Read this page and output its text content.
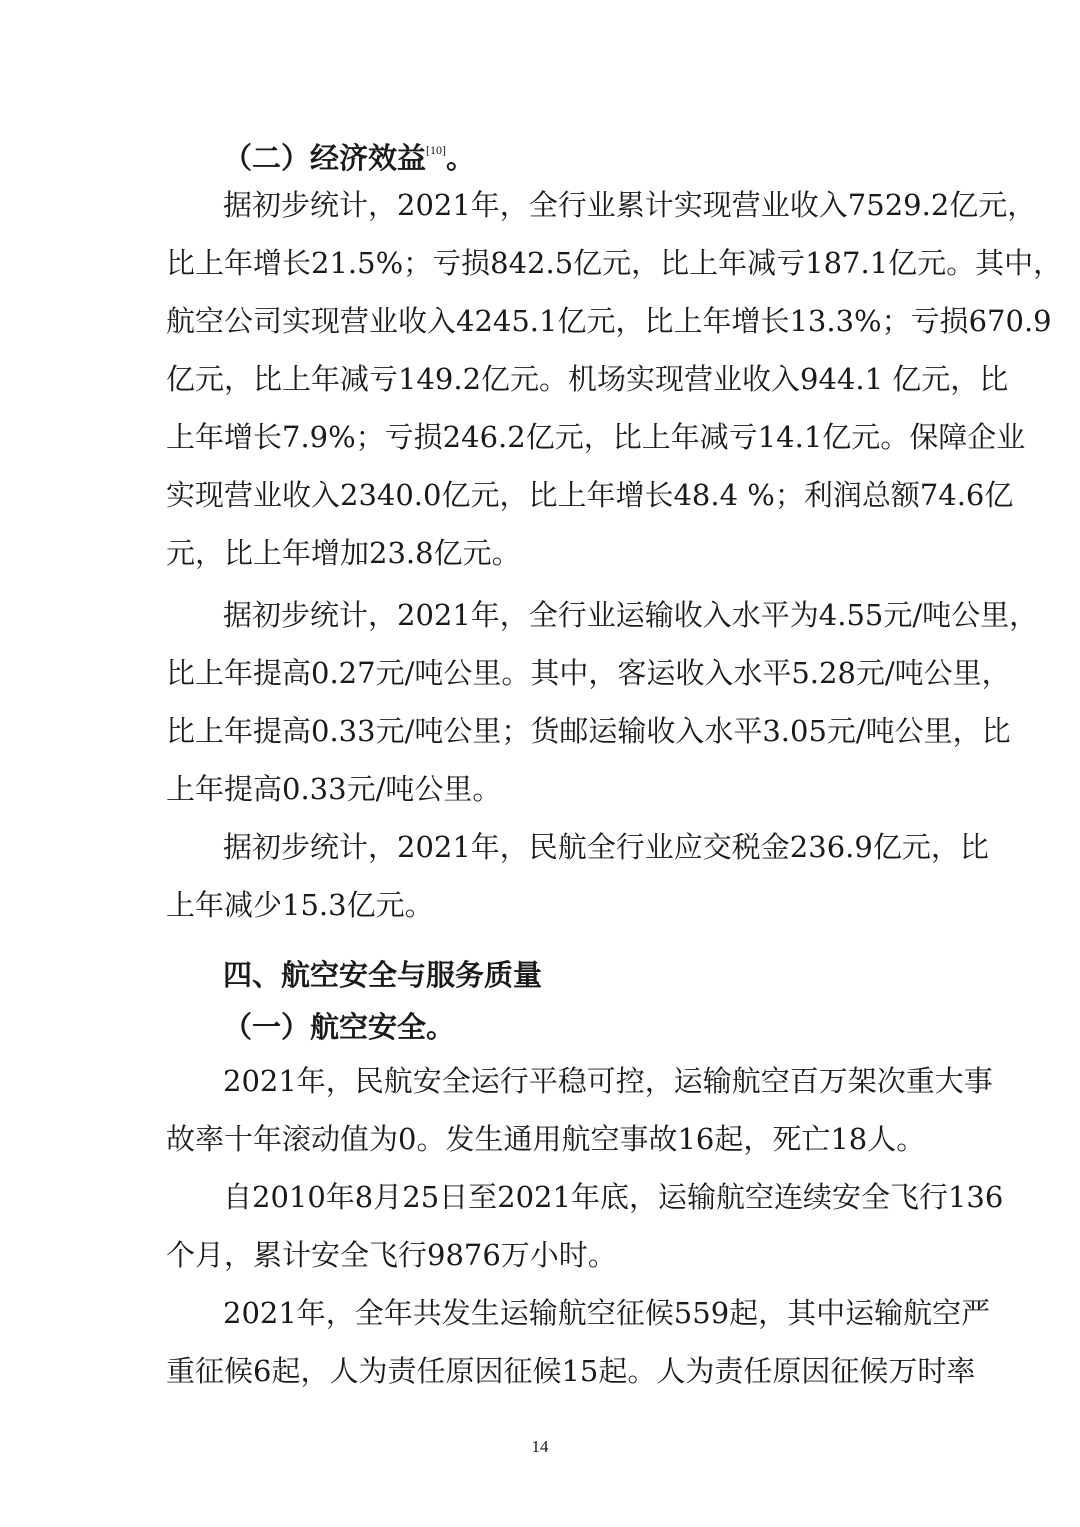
（二）经济效益[10]。
据初步统计，2021年，全行业累计实现营业收入7529.2亿元，
比上年增长21.5%；亏损842.5亿元，比上年减亏187.1亿元。其中，
航空公司实现营业收入4245.1亿元，比上年增长13.3%；亏损670.9
亿元，比上年减亏149.2亿元。机场实现营业收入944.1 亿元，比
上年增长7.9%；亏损246.2亿元，比上年减亏14.1亿元。保障企业
实现营业收入2340.0亿元，比上年增长48.4 %；利润总额74.6亿
元，比上年增加23.8亿元。
据初步统计，2021年，全行业运输收入水平为4.55元/吨公里，
比上年提高0.27元/吨公里。其中，客运收入水平5.28元/吨公里，
比上年提高0.33元/吨公里；货邮运输收入水平3.05元/吨公里，比
上年提高0.33元/吨公里。
据初步统计，2021年，民航全行业应交税金236.9亿元，比
上年减少15.3亿元。
四、航空安全与服务质量
（一）航空安全。
2021年，民航安全运行平稳可控，运输航空百万架次重大事
故率十年滚动值为0。发生通用航空事故16起，死亡18人。
自2010年8月25日至2021年底，运输航空连续安全飞行136
个月，累计安全飞行9876万小时。
2021年，全年共发生运输航空征候559起，其中运输航空严
重征候6起，人为责任原因征候15起。人为责任原因征候万时率
14
